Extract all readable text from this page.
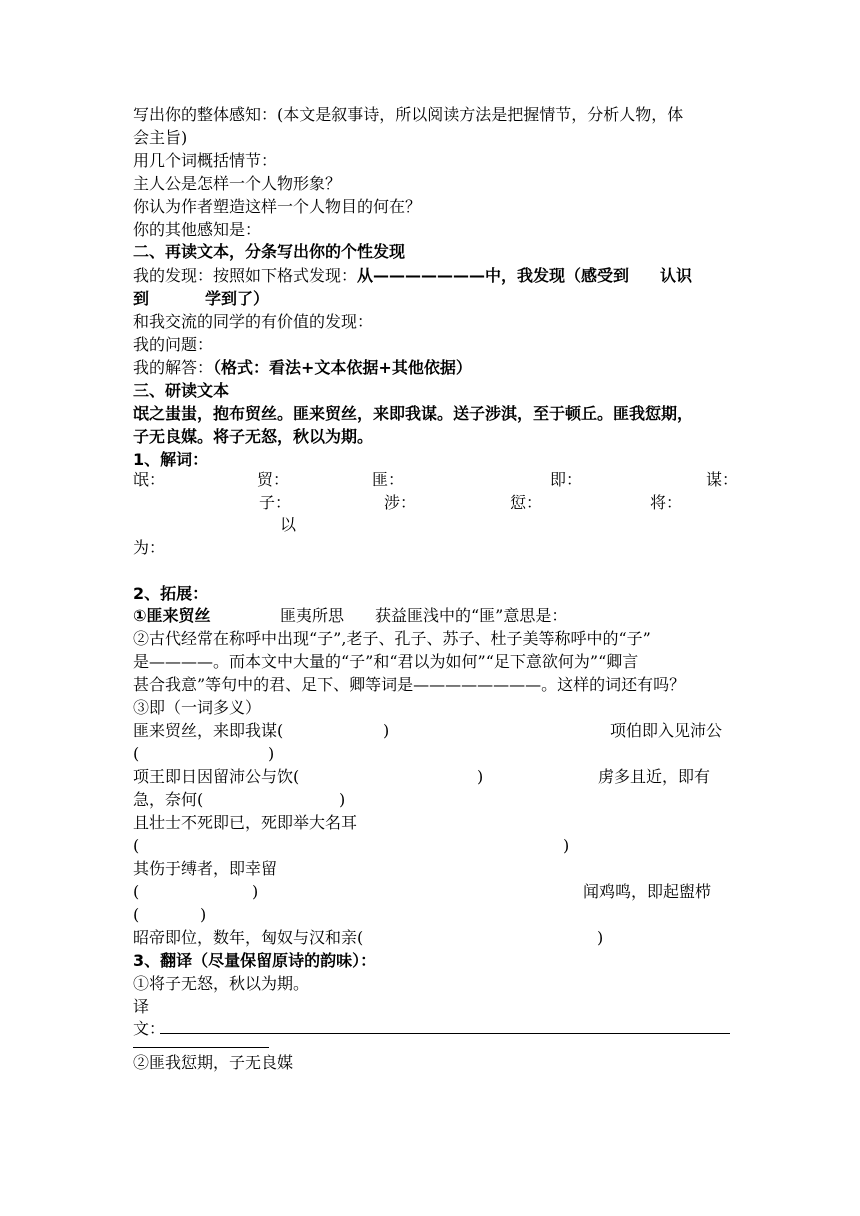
写出你的整体感知：(本文是叙事诗，所以阅读方法是把握情节，分析人物，体
会主旨)
用几个词概括情节：
主人公是怎样一个人物形象？
你认为作者塑造这样一个人物目的何在？
你的其他感知是：
二、再读文本，分条写出你的个性发现
我的发现：按照如下格式发现：从———————中，我发现（感受到 认识
到	学到了）
和我交流的同学的有价值的发现：
我的问题：
我的解答：（格式：看法+文本依据+其他依据）
三、研读文本
氓之蚩蚩，抱布贸丝。匪来贸丝，来即我谋。送子涉淇，至于顿丘。匪我愆期，
子无良媒。将子无怒，秋以为期。
1、解词：
氓：	贸：	匪：	即：	谋：
子：	涉：	愆：	将：
以
为：
2、拓展：
①匪来贸丝	匪夷所思 获益匪浅中的“匪”意思是：
②古代经常在称呼中出现“子”,老子、孔子、苏子、杜子美等称呼中的“子”
是————。而本文中大量的“子”和“君以为如何”“足下意欲何为”“卿言
甚合我意”等句中的君、足下、卿等词是————————。这样的词还有吗？
③即（一词多义）
匪来贸丝，来即我谋(	)	项伯即入见沛公
(	)
项王即日因留沛公与饮(	)	虏多且近，即有
急，奈何(	)
且壮士不死即已，死即举大名耳
(	)
其伤于缚者，即幸留
(	)	闻鸡鸣，即起盥栉
(	)
昭帝即位，数年，匈奴与汉和亲(	)
3、翻译（尽量保留原诗的韵味）：
①将子无怒，秋以为期。
译
文：
②匪我愆期，子无良媒
